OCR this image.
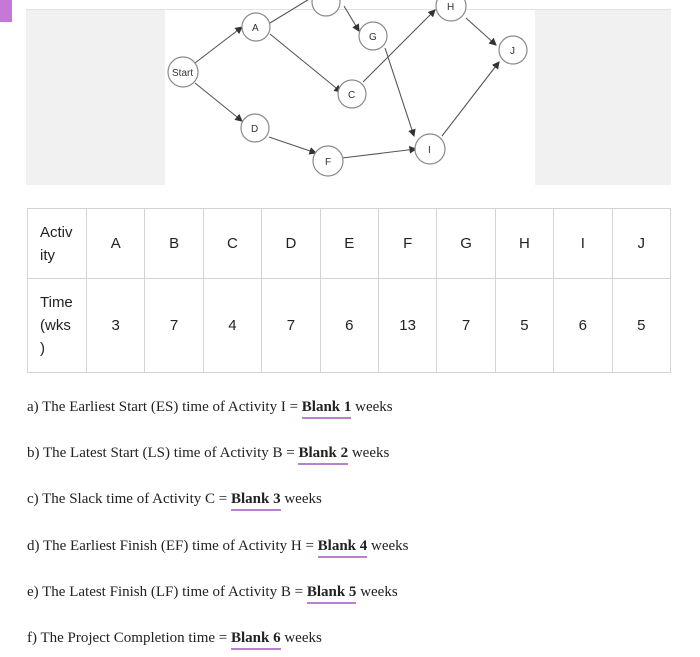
Start
A
G
C
D
F
H
I
J
Activ
ity	A	B	C	D	E	F	G	H	I	J
Time
(wks
)	3	7	4	7	6	13	7	5	6	5
a) The Earliest Start (ES) time of Activity I = Blank 1 weeks
b) The Latest Start (LS) time of Activity B = Blank 2 weeks
c) The Slack time of Activity C = Blank 3 weeks
d) The Earliest Finish (EF) time of Activity H = Blank 4 weeks
e) The Latest Finish (LF) time of Activity B = Blank 5 weeks
f) The Project Completion time = Blank 6 weeks
